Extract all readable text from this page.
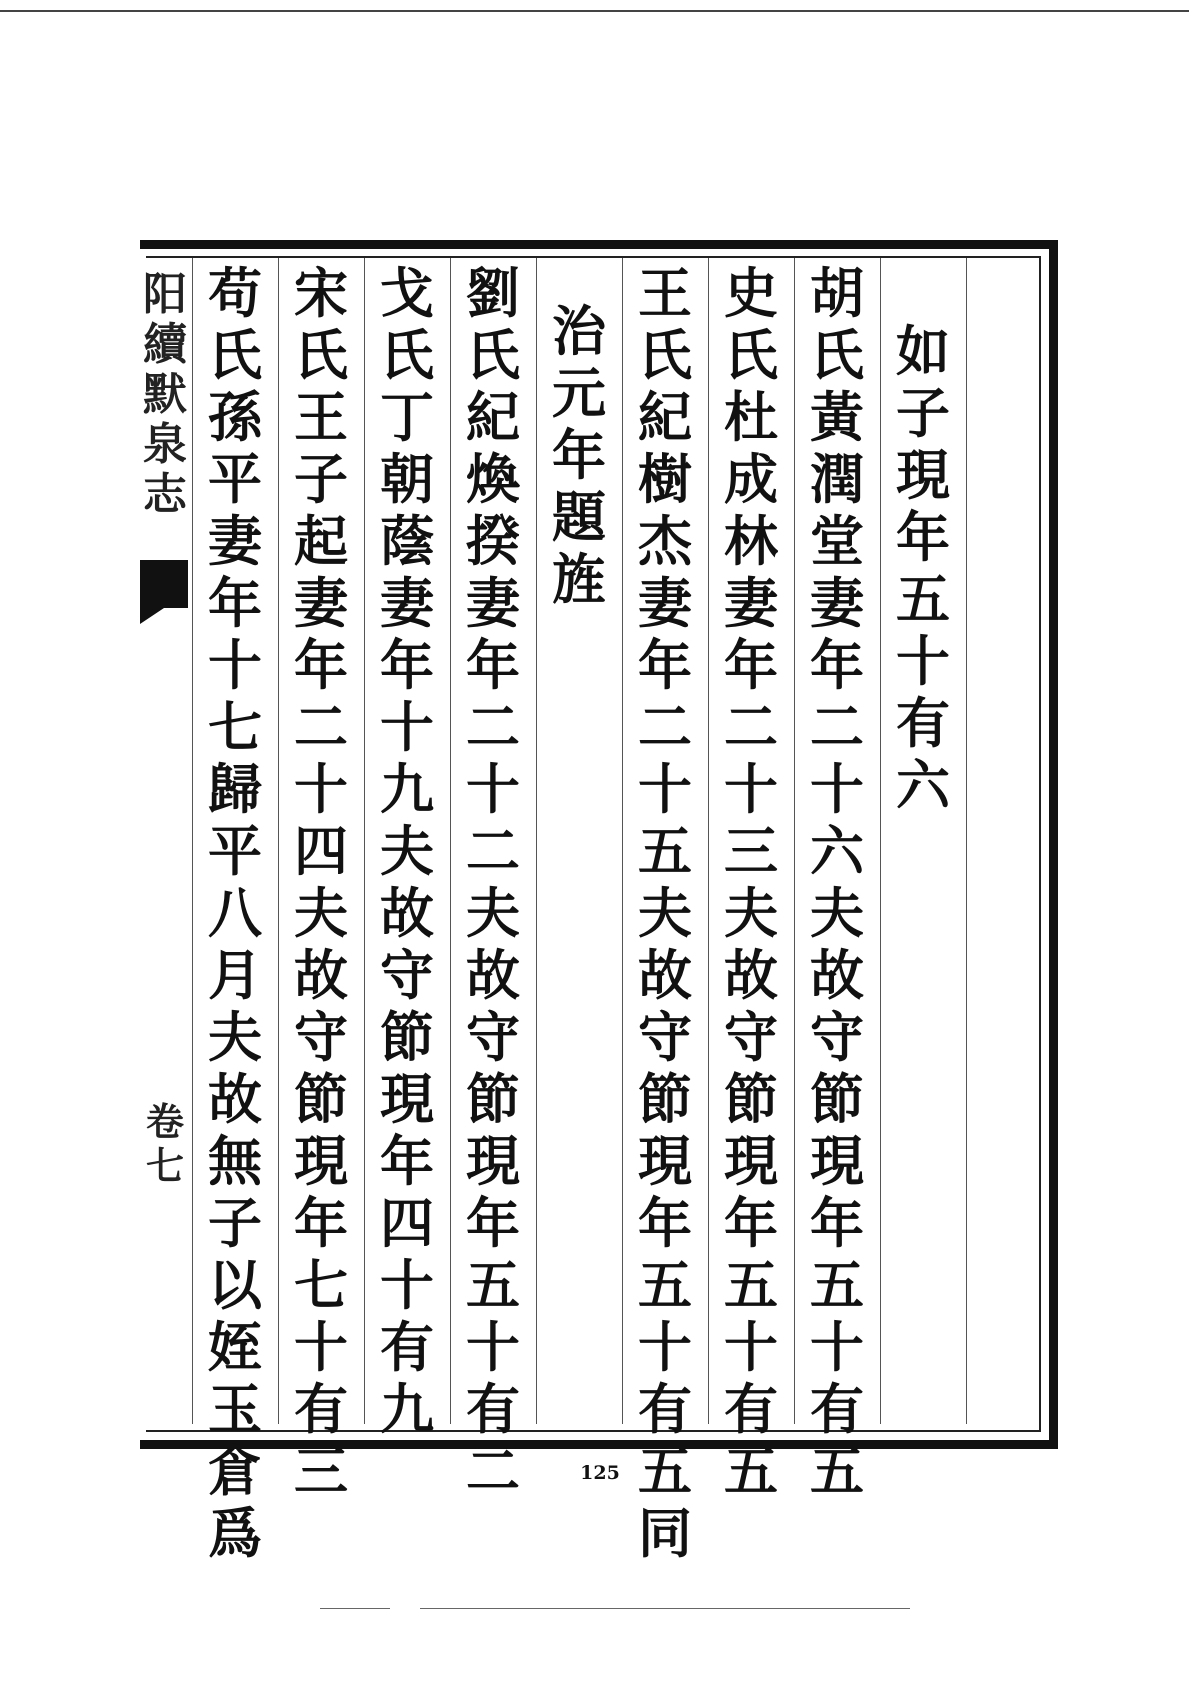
如子現年五十有六
胡氏黃潤堂妻年二十六夫故守節現年五十有五
史氏杜成林妻年二十三夫故守節現年五十有五
王氏紀樹杰妻年二十五夫故守節現年五十有五同
治元年　題旌
劉氏紀煥揆妻年二十二夫故守節現年五十有二
戈氏丁朝蔭妻年十九夫故守節現年四十有九
宋氏王子起妻年二十四夫故守節現年七十有三
苟氏孫平妻年十七歸平八月夫故無子以姪玉倉爲
阳續默泉志
卷七
125
